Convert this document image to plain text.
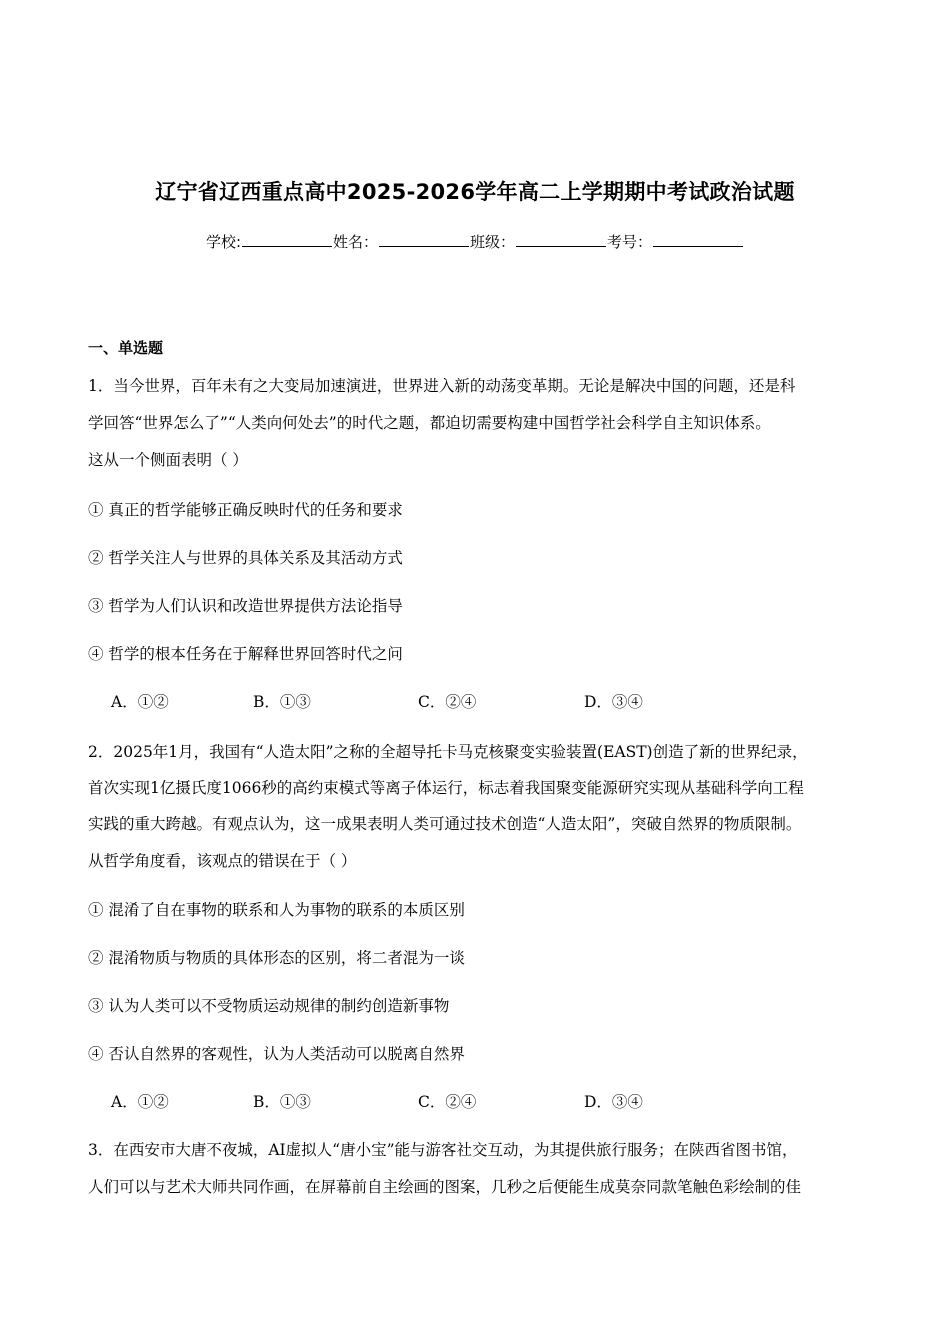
辽宁省辽西重点高中2025-2026学年高二上学期期中考试政治试题
学校:	姓名：	班级：	考号：
一、单选题
1．当今世界，百年未有之大变局加速演进，世界进入新的动荡变革期。无论是解决中国的问题，还是科
学回答“世界怎么了”“人类向何处去”的时代之题，都迫切需要构建中国哲学社会科学自主知识体系。
这从一个侧面表明（ ）
① 真正的哲学能够正确反映时代的任务和要求
② 哲学关注人与世界的具体关系及其活动方式
③ 哲学为人们认识和改造世界提供方法论指导
④ 哲学的根本任务在于解释世界回答时代之问
A．①②	B．①③	C．②④	D．③④
2．2025年1月，我国有“人造太阳”之称的全超导托卡马克核聚变实验装置(EAST)创造了新的世界纪录，
首次实现1亿摄氏度1066秒的高约束模式等离子体运行，标志着我国聚变能源研究实现从基础科学向工程
实践的重大跨越。有观点认为，这一成果表明人类可通过技术创造“人造太阳”，突破自然界的物质限制。
从哲学角度看，该观点的错误在于（ ）
① 混淆了自在事物的联系和人为事物的联系的本质区别
② 混淆物质与物质的具体形态的区别，将二者混为一谈
③ 认为人类可以不受物质运动规律的制约创造新事物
④ 否认自然界的客观性，认为人类活动可以脱离自然界
A．①②	B．①③	C．②④	D．③④
3．在西安市大唐不夜城，AI虚拟人“唐小宝”能与游客社交互动，为其提供旅行服务；在陕西省图书馆，
人们可以与艺术大师共同作画，在屏幕前自主绘画的图案，几秒之后便能生成莫奈同款笔触色彩绘制的佳
